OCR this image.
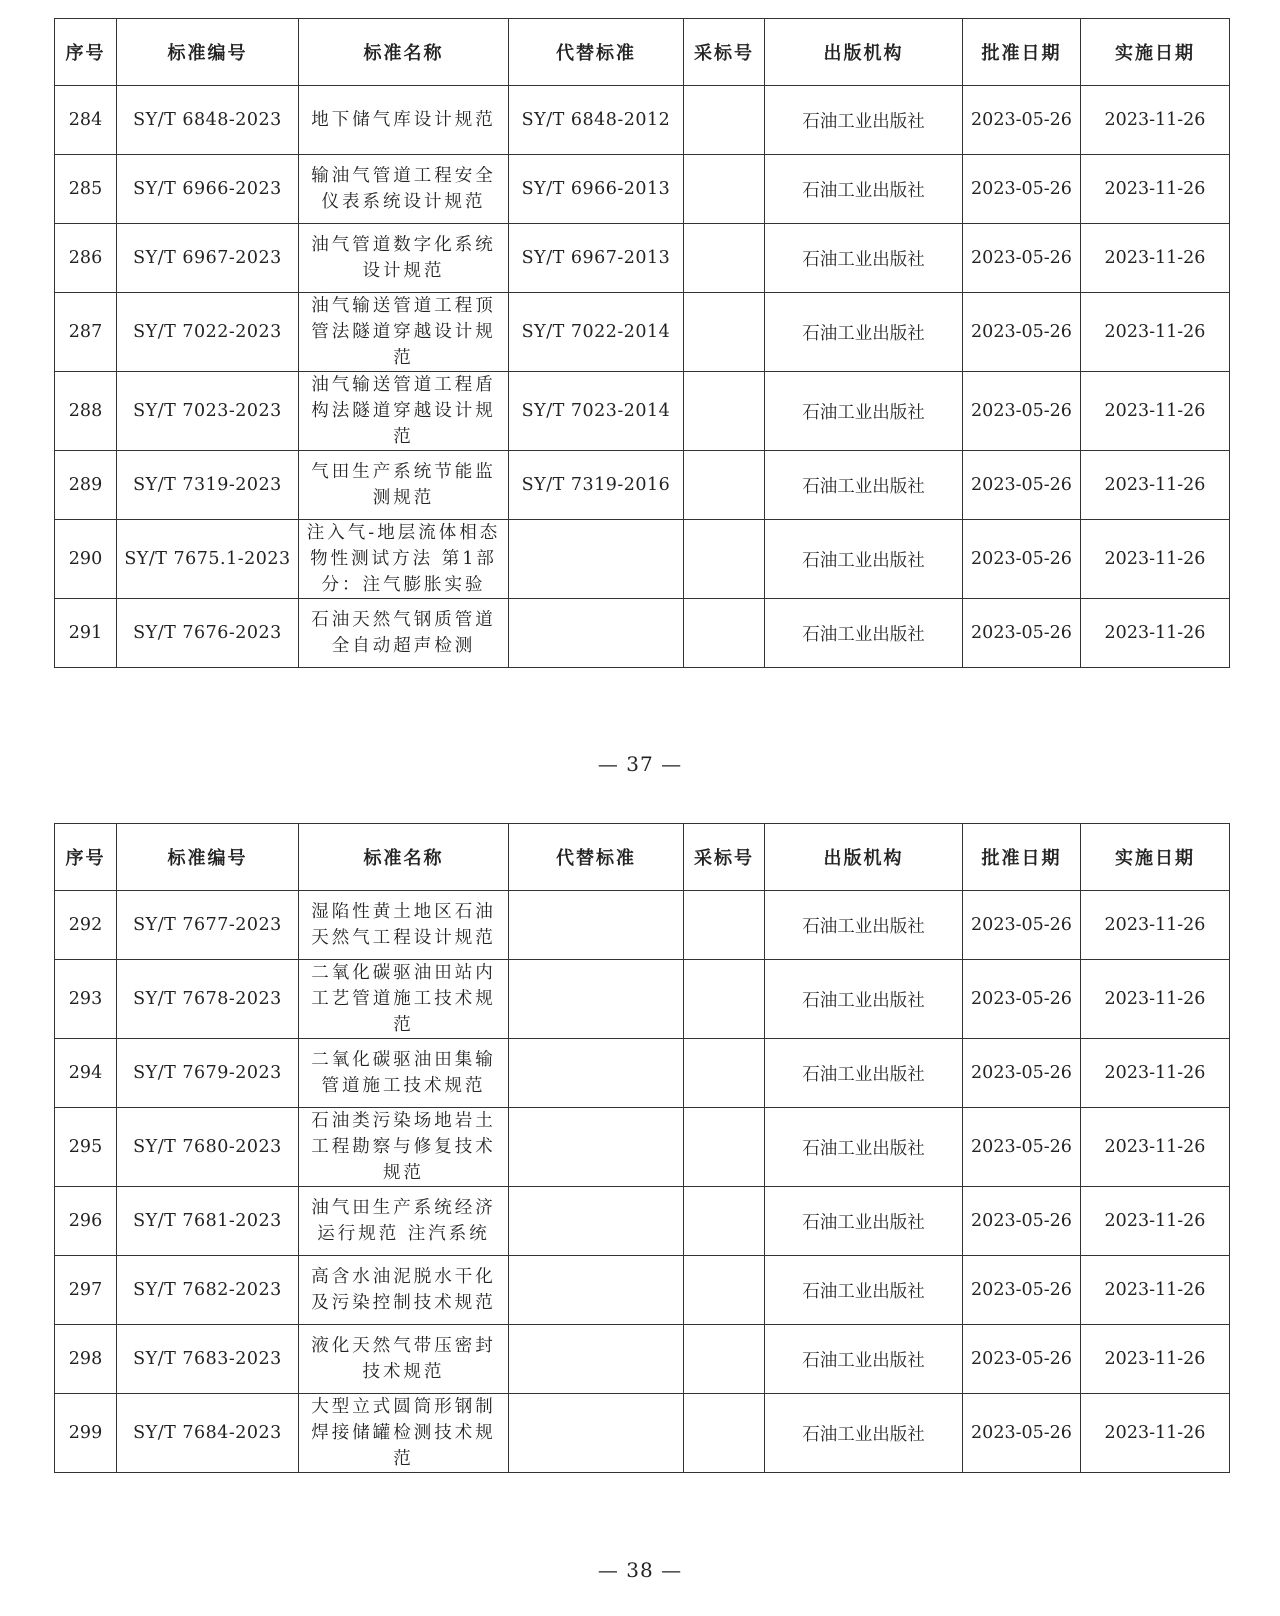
序号	标准编号	标准名称	代替标准	采标号	出版机构	批准日期	实施日期
284	SY/T 6848-2023	地下储气库设计规范	SY/T 6848-2012		石油工业出版社	2023-05-26	2023-11-26
285	SY/T 6966-2023	输油气管道工程安全仪表系统设计规范	SY/T 6966-2013		石油工业出版社	2023-05-26	2023-11-26
286	SY/T 6967-2023	油气管道数字化系统设计规范	SY/T 6967-2013		石油工业出版社	2023-05-26	2023-11-26
287	SY/T 7022-2023	油气输送管道工程顶管法隧道穿越设计规范	SY/T 7022-2014		石油工业出版社	2023-05-26	2023-11-26
288	SY/T 7023-2023	油气输送管道工程盾构法隧道穿越设计规范	SY/T 7023-2014		石油工业出版社	2023-05-26	2023-11-26
289	SY/T 7319-2023	气田生产系统节能监测规范	SY/T 7319-2016		石油工业出版社	2023-05-26	2023-11-26
290	SY/T 7675.1-2023	注入气-地层流体相态物性测试方法 第1部分：注气膨胀实验			石油工业出版社	2023-05-26	2023-11-26
291	SY/T 7676-2023	石油天然气钢质管道全自动超声检测			石油工业出版社	2023-05-26	2023-11-26
— 37 —
序号	标准编号	标准名称	代替标准	采标号	出版机构	批准日期	实施日期
292	SY/T 7677-2023	湿陷性黄土地区石油天然气工程设计规范			石油工业出版社	2023-05-26	2023-11-26
293	SY/T 7678-2023	二氧化碳驱油田站内工艺管道施工技术规范			石油工业出版社	2023-05-26	2023-11-26
294	SY/T 7679-2023	二氧化碳驱油田集输管道施工技术规范			石油工业出版社	2023-05-26	2023-11-26
295	SY/T 7680-2023	石油类污染场地岩土工程勘察与修复技术规范			石油工业出版社	2023-05-26	2023-11-26
296	SY/T 7681-2023	油气田生产系统经济运行规范 注汽系统			石油工业出版社	2023-05-26	2023-11-26
297	SY/T 7682-2023	高含水油泥脱水干化及污染控制技术规范			石油工业出版社	2023-05-26	2023-11-26
298	SY/T 7683-2023	液化天然气带压密封技术规范			石油工业出版社	2023-05-26	2023-11-26
299	SY/T 7684-2023	大型立式圆筒形钢制焊接储罐检测技术规范			石油工业出版社	2023-05-26	2023-11-26
— 38 —
